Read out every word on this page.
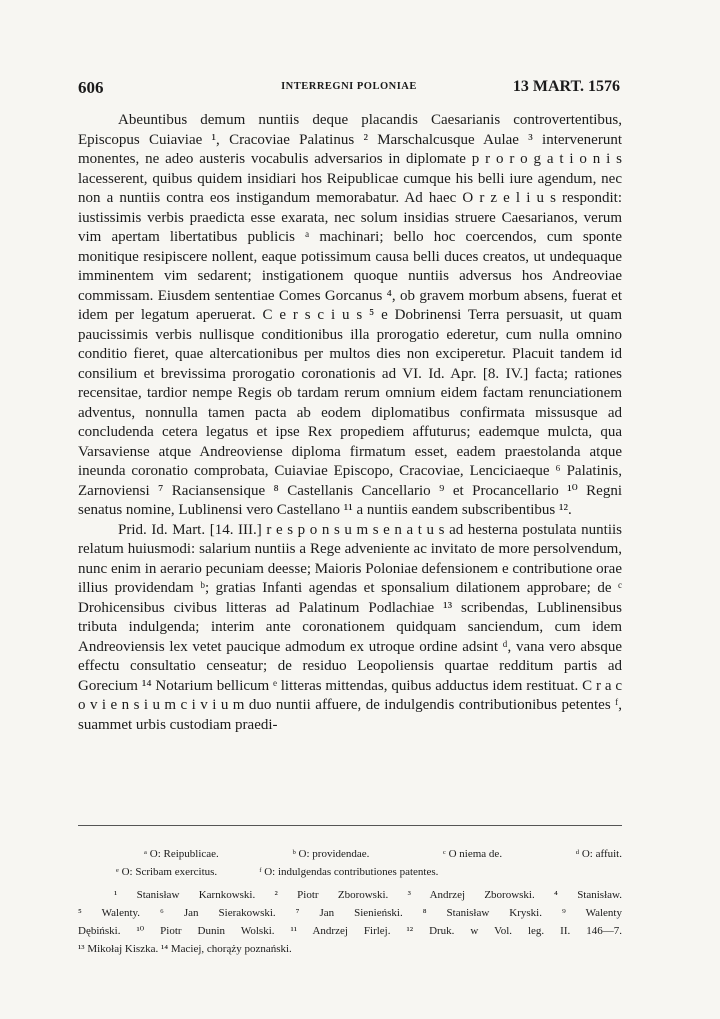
606	INTERREGNI POLONIAE	13 MART. 1576

Abeuntibus demum nuntiis deque placandis Caesarianis controvertentibus, Episcopus Cuiaviae ¹, Cracoviae Palatinus ² Marschalcusque Aulae ³ intervenerunt monentes, ne adeo austeris vocabulis adversarios in diplomate p r o r o g a t i o n i s lacesserent, quibus quidem insidiari hos Reipublicae cumque his belli iure agendum, nec non a nuntiis contra eos instigandum memorabatur. Ad haec O r z e l i u s respondit: iustissimis verbis praedicta esse exarata, nec solum insidias struere Caesarianos, verum vim apertam libertatibus publicis ᵃ machinari; bello hoc coercendos, cum sponte monitique resipiscere nollent, eaque potissimum causa belli duces creatos, ut undequaque imminentem vim sedarent; instigationem quoque nuntiis adversus hos Andreoviae commissam. Eiusdem sententiae Comes Gorcanus ⁴, ob gravem morbum absens, fuerat et idem per legatum aperuerat. C e r s c i u s ⁵ e Dobrinensi Terra persuasit, ut quam paucissimis verbis nullisque conditionibus illa prorogatio ederetur, cum nulla omnino conditio fieret, quae altercationibus per multos dies non exciperetur. Placuit tandem id consilium et brevissima prorogatio coronationis ad VI. Id. Apr. [8. IV.] facta; rationes recensitae, tardior nempe Regis ob tardam rerum omnium eidem factam renunciationem adventus, nonnulla tamen pacta ab eodem diplomatibus confirmata missusque ad concludenda cetera legatus et ipse Rex propediem affuturus; eademque mulcta, qua Varsaviense atque Andreoviense diploma firmatum esset, eadem praestolanda atque ineunda coronatio comprobata, Cuiaviae Episcopo, Cracoviae, Lenciciaeque ⁶ Palatinis, Zarnoviensi ⁷ Raciansensique ⁸ Castellanis Cancellario ⁹ et Procancellario ¹⁰ Regni senatus nomine, Lublinensi vero Castellano ¹¹ a nuntiis eandem subscribentibus ¹².

Prid. Id. Mart. [14. III.] r e s p o n s u m s e n a t u s ad hesterna postulata nuntiis relatum huiusmodi: salarium nuntiis a Rege adveniente ac invitato de more persolvendum, nunc enim in aerario pecuniam deesse; Maioris Poloniae defensionem e contributione orae illius providendam ᵇ; gratias Infanti agendas et sponsalium dilationem approbare; de ᶜ Drohicensibus civibus litteras ad Palatinum Podlachiae ¹³ scribendas, Lublinensibus tributa indulgenda; interim ante coronationem quidquam sanciendum, cum idem Andreoviensis lex vetet paucique admodum ex utroque ordine adsint ᵈ, vana vero absque effectu consultatio censeatur; de residuo Leopoliensis quartae redditum partis ad Gorecium ¹⁴ Notarium bellicum ᵉ litteras mittendas, quibus adductus idem restituat. C r a c o v i e n s i u m c i v i u m duo nuntii affuere, de indulgendis contributionibus petentes ᶠ, suammet urbis custodiam praedi-

ᵃ O: Reipublicae.	ᵇ O: providendae.	ᶜ O niema de.	ᵈ O: affuit.
ᵉ O: Scribam exercitus.	ᶠ O: indulgendas contributiones patentes.
¹ Stanisław Karnkowski. ² Piotr Zborowski. ³ Andrzej Zborowski. ⁴ Stanisław.
⁵ Walenty. ⁶ Jan Sierakowski. ⁷ Jan Sienieński. ⁸ Stanisław Kryski. ⁹ Walenty
Dębiński. ¹⁰ Piotr Dunin Wolski. ¹¹ Andrzej Firlej. ¹² Druk. w Vol. leg. II. 146—7.
¹³ Mikołaj Kiszka. ¹⁴ Maciej, chorąży poznański.
